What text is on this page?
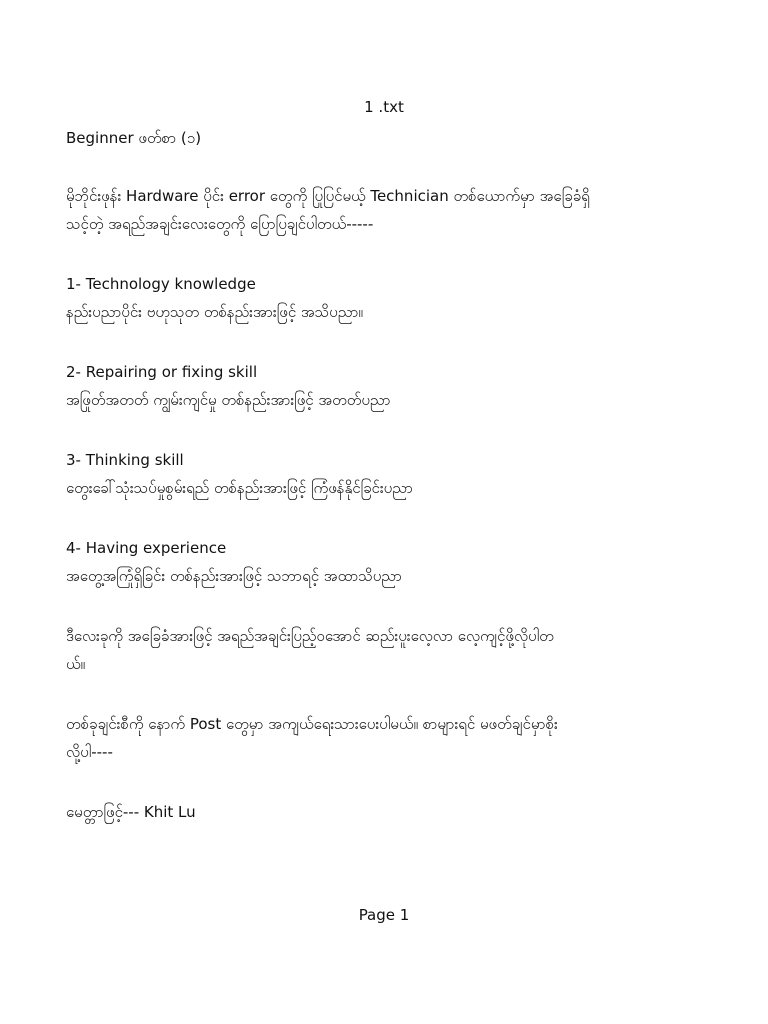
1 .txt
Beginner ဖတ်စာ (၁)
မိုဘိုင်းဖုန်း Hardware ပိုင်း error တွေကို ပြုပြင်မယ့် Technician တစ်ယောက်မှာ အခြေခံရှိ
သင့်တဲ့ အရည်အချင်းလေးတွေကို ပြောပြချင်ပါတယ်-----
1- Technology knowledge
နည်းပညာပိုင်း ဗဟုသုတ တစ်နည်းအားဖြင့် အသိပညာ။
2- Repairing or fixing skill
အဖြုတ်အတတ် ကျွမ်းကျင်မှု တစ်နည်းအားဖြင့် အတတ်ပညာ
3- Thinking skill
တွေးခေါ်သုံးသပ်မှုစွမ်းရည် တစ်နည်းအားဖြင့် ကြံဖန်နိုင်ခြင်းပညာ
4- Having experience
အတွေ့အကြုံရှိခြင်း တစ်နည်းအားဖြင့် သဘာရင့် အထာသိပညာ
ဒီလေးခုကို အခြေခံအားဖြင့် အရည်အချင်းပြည့်ဝအောင် ဆည်းပူးလေ့လာ လေ့ကျင့်ဖို့လိုပါတ
ယ်။
တစ်ခုချင်းစီကို နောက် Post တွေမှာ အကျယ်ရေးသားပေးပါမယ်။ စာများရင် မဖတ်ချင်မှာစိုး
လို့ပါ----
မေတ္တာဖြင့်--- Khit Lu
Page 1
